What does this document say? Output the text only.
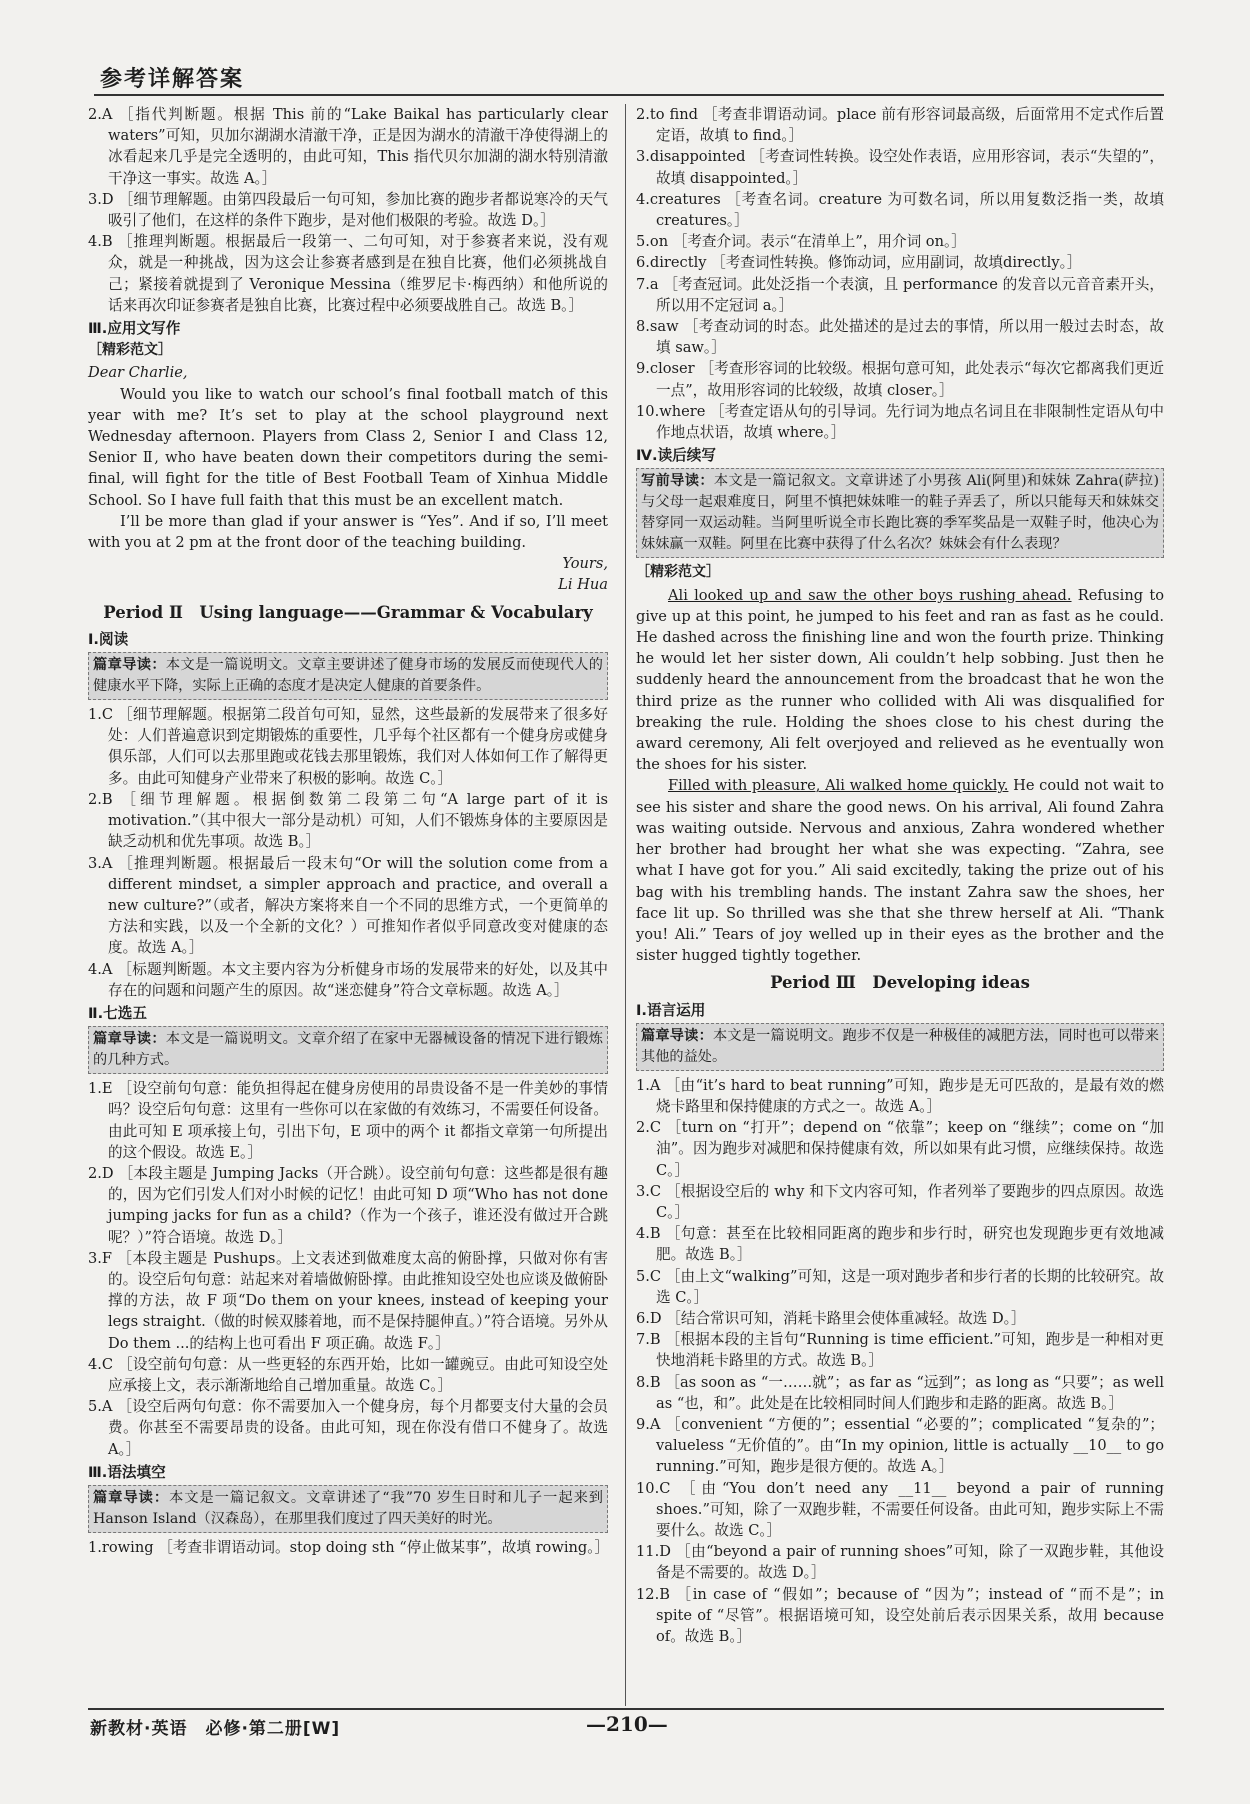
参考详解答案

2.A ［指代判断题。根据 This 前的“Lake Baikal has particularly clear waters”可知，贝加尔湖湖水清澈干净，正是因为湖水的清澈干净使得湖上的冰看起来几乎是完全透明的，由此可知，This 指代贝尔加湖的湖水特别清澈干净这一事实。故选 A。］

3.D ［细节理解题。由第四段最后一句可知，参加比赛的跑步者都说寒冷的天气吸引了他们，在这样的条件下跑步，是对他们极限的考验。故选 D。］

4.B ［推理判断题。根据最后一段第一、二句可知，对于参赛者来说，没有观众，就是一种挑战，因为这会让参赛者感到是在独自比赛，他们必须挑战自己；紧接着就提到了 Veronique Messina（维罗尼卡·梅西纳）和他所说的话来再次印证参赛者是独自比赛，比赛过程中必须要战胜自己。故选 B。］

Ⅲ.应用文写作
［精彩范文］

Dear Charlie,

Would you like to watch our school’s final football match of this year with me? It’s set to play at the school playground next Wednesday afternoon. Players from Class 2, Senior Ⅰ and Class 12, Senior Ⅱ, who have beaten down their competitors during the semi-final, will fight for the title of Best Football Team of Xinhua Middle School. So I have full faith that this must be an excellent match.

I’ll be more than glad if your answer is “Yes”. And if so, I’ll meet with you at 2 pm at the front door of the teaching building.

Yours,

Li Hua

Period Ⅱ　Using language——Grammar & Vocabulary
Ⅰ.阅读
篇章导读：本文是一篇说明文。文章主要讲述了健身市场的发展反而使现代人的健康水平下降，实际上正确的态度才是决定人健康的首要条件。

1.C ［细节理解题。根据第二段首句可知，显然，这些最新的发展带来了很多好处：人们普遍意识到定期锻炼的重要性，几乎每个社区都有一个健身房或健身俱乐部，人们可以去那里跑或花钱去那里锻炼，我们对人体如何工作了解得更多。由此可知健身产业带来了积极的影响。故选 C。］

2.B ［细节理解题。根据倒数第二段第二句“A large part of it is motivation.”（其中很大一部分是动机）可知，人们不锻炼身体的主要原因是缺乏动机和优先事项。故选 B。］

3.A ［推理判断题。根据最后一段末句“Or will the solution come from a different mindset, a simpler approach and practice, and overall a new culture?”（或者，解决方案将来自一个不同的思维方式，一个更简单的方法和实践，以及一个全新的文化？）可推知作者似乎同意改变对健康的态度。故选 A。］

4.A ［标题判断题。本文主要内容为分析健身市场的发展带来的好处，以及其中存在的问题和问题产生的原因。故“迷恋健身”符合文章标题。故选 A。］

Ⅱ.七选五
篇章导读：本文是一篇说明文。文章介绍了在家中无器械设备的情况下进行锻炼的几种方式。

1.E ［设空前句句意：能负担得起在健身房使用的昂贵设备不是一件美妙的事情吗？设空后句句意：这里有一些你可以在家做的有效练习，不需要任何设备。由此可知 E 项承接上句，引出下句，E 项中的两个 it 都指文章第一句所提出的这个假设。故选 E。］

2.D ［本段主题是 Jumping Jacks（开合跳）。设空前句句意：这些都是很有趣的，因为它们引发人们对小时候的记忆！由此可知 D 项“Who has not done jumping jacks for fun as a child?（作为一个孩子，谁还没有做过开合跳呢？）”符合语境。故选 D。］

3.F ［本段主题是 Pushups。上文表述到做难度太高的俯卧撑，只做对你有害的。设空后句句意：站起来对着墙做俯卧撑。由此推知设空处也应谈及做俯卧撑的方法，故 F 项“Do them on your knees, instead of keeping your legs straight.（做的时候双膝着地，而不是保持腿伸直。）”符合语境。另外从 Do them ...的结构上也可看出 F 项正确。故选 F。］

4.C ［设空前句句意：从一些更轻的东西开始，比如一罐豌豆。由此可知设空处应承接上文，表示渐渐地给自己增加重量。故选 C。］

5.A ［设空后两句句意：你不需要加入一个健身房，每个月都要支付大量的会员费。你甚至不需要昂贵的设备。由此可知，现在你没有借口不健身了。故选 A。］

Ⅲ.语法填空
篇章导读：本文是一篇记叙文。文章讲述了“我”70 岁生日时和儿子一起来到 Hanson Island（汉森岛），在那里我们度过了四天美好的时光。

1.rowing ［考查非谓语动词。stop doing sth “停止做某事”，故填 rowing。］

2.to find ［考查非谓语动词。place 前有形容词最高级，后面常用不定式作后置定语，故填 to find。］

3.disappointed ［考查词性转换。设空处作表语，应用形容词，表示“失望的”，故填 disappointed。］

4.creatures ［考查名词。creature 为可数名词，所以用复数泛指一类，故填 creatures。］

5.on ［考查介词。表示“在清单上”，用介词 on。］

6.directly ［考查词性转换。修饰动词，应用副词，故填directly。］

7.a ［考查冠词。此处泛指一个表演，且 performance 的发音以元音音素开头，所以用不定冠词 a。］

8.saw ［考查动词的时态。此处描述的是过去的事情，所以用一般过去时态，故填 saw。］

9.closer ［考查形容词的比较级。根据句意可知，此处表示“每次它都离我们更近一点”，故用形容词的比较级，故填 closer。］

10.where ［考查定语从句的引导词。先行词为地点名词且在非限制性定语从句中作地点状语，故填 where。］

Ⅳ.读后续写
写前导读：本文是一篇记叙文。文章讲述了小男孩 Ali(阿里)和妹妹 Zahra(萨拉)与父母一起艰难度日，阿里不慎把妹妹唯一的鞋子弄丢了，所以只能每天和妹妹交替穿同一双运动鞋。当阿里听说全市长跑比赛的季军奖品是一双鞋子时，他决心为妹妹赢一双鞋。阿里在比赛中获得了什么名次？妹妹会有什么表现？
［精彩范文］

Ali looked up and saw the other boys rushing ahead. Refusing to give up at this point, he jumped to his feet and ran as fast as he could. He dashed across the finishing line and won the fourth prize. Thinking he would let her sister down, Ali couldn’t help sobbing. Just then he suddenly heard the announcement from the broadcast that he won the third prize as the runner who collided with Ali was disqualified for breaking the rule. Holding the shoes close to his chest during the award ceremony, Ali felt overjoyed and relieved as he eventually won the shoes for his sister.

Filled with pleasure, Ali walked home quickly. He could not wait to see his sister and share the good news. On his arrival, Ali found Zahra was waiting outside. Nervous and anxious, Zahra wondered whether her brother had brought her what she was expecting. “Zahra, see what I have got for you.” Ali said excitedly, taking the prize out of his bag with his trembling hands. The instant Zahra saw the shoes, her face lit up. So thrilled was she that she threw herself at Ali. “Thank you! Ali.” Tears of joy welled up in their eyes as the brother and the sister hugged tightly together.

Period Ⅲ　Developing ideas
Ⅰ.语言运用
篇章导读：本文是一篇说明文。跑步不仅是一种极佳的减肥方法，同时也可以带来其他的益处。

1.A ［由“it’s hard to beat running”可知，跑步是无可匹敌的，是最有效的燃烧卡路里和保持健康的方式之一。故选 A。］

2.C ［turn on “打开”；depend on “依靠”；keep on “继续”；come on “加油”。因为跑步对减肥和保持健康有效，所以如果有此习惯，应继续保持。故选 C。］

3.C ［根据设空后的 why 和下文内容可知，作者列举了要跑步的四点原因。故选 C。］

4.B ［句意：甚至在比较相同距离的跑步和步行时，研究也发现跑步更有效地减肥。故选 B。］

5.C ［由上文“walking”可知，这是一项对跑步者和步行者的长期的比较研究。故选 C。］

6.D ［结合常识可知，消耗卡路里会使体重减轻。故选 D。］

7.B ［根据本段的主旨句“Running is time efficient.”可知，跑步是一种相对更快地消耗卡路里的方式。故选 B。］

8.B ［as soon as “一……就”；as far as “远到”；as long as “只要”；as well as “也，和”。此处是在比较相同时间人们跑步和走路的距离。故选 B。］

9.A ［convenient “方便的”；essential “必要的”；complicated “复杂的”；valueless “无价值的”。由“In my opinion, little is actually __10__ to go running.”可知，跑步是很方便的。故选 A。］

10.C ［由“You don’t need any __11__ beyond a pair of running shoes.”可知，除了一双跑步鞋，不需要任何设备。由此可知，跑步实际上不需要什么。故选 C。］

11.D ［由“beyond a pair of running shoes”可知，除了一双跑步鞋，其他设备是不需要的。故选 D。］

12.B ［in case of “假如”；because of “因为”；instead of “而不是”；in spite of “尽管”。根据语境可知，设空处前后表示因果关系，故用 because of。故选 B。］

新教材·英语　必修·第二册[W]	—210—
